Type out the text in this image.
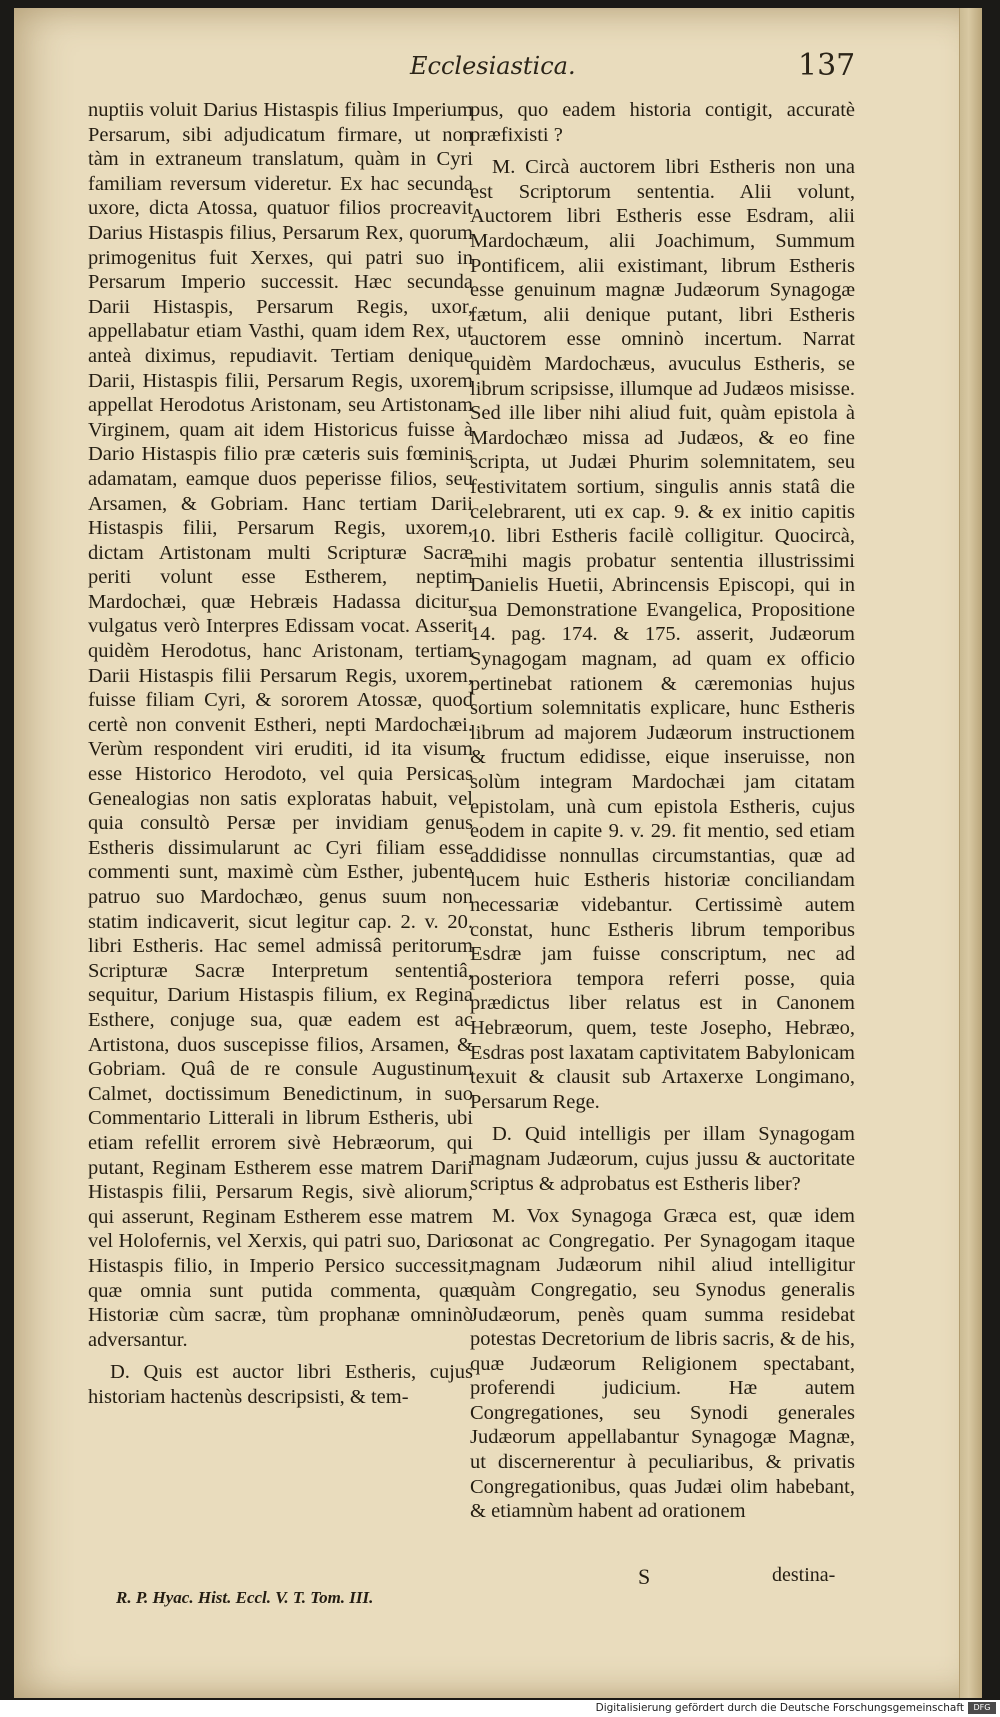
Ecclesiastica.	137

nuptiis voluit Darius Histaspis filius Imperium Persarum, sibi adjudicatum firmare, ut non tàm in extraneum translatum, quàm in Cyri familiam reversum videretur. Ex hac secunda uxore, dicta Atossa, quatuor filios procreavit Darius Histaspis filius, Persarum Rex, quorum primogenitus fuit Xerxes, qui patri suo in Persarum Imperio successit. Hæc secunda Darii Histaspis, Persarum Regis, uxor, appellabatur etiam Vasthi, quam idem Rex, ut anteà diximus, repudiavit. Tertiam denique Darii, Histaspis filii, Persarum Regis, uxorem appellat Herodotus Aristonam, seu Artistonam Virginem, quam ait idem Historicus fuisse à Dario Histaspis filio præ cæteris suis fœminis adamatam, eamque duos peperisse filios, seu Arsamen, & Gobriam. Hanc tertiam Darii Histaspis filii, Persarum Regis, uxorem, dictam Artistonam multi Scripturæ Sacræ periti volunt esse Estherem, neptim Mardochæi, quæ Hebræis Hadassa dicitur, vulgatus verò Interpres Edissam vocat. Asserit quidèm Herodotus, hanc Aristonam, tertiam Darii Histaspis filii Persarum Regis, uxorem, fuisse filiam Cyri, & sororem Atossæ, quod certè non convenit Estheri, nepti Mardochæi. Verùm respondent viri eruditi, id ita visum esse Historico Herodoto, vel quia Persicas Genealogias non satis exploratas habuit, vel quia consultò Persæ per invidiam genus Estheris dissimularunt ac Cyri filiam esse commenti sunt, maximè cùm Esther, jubente patruo suo Mardochæo, genus suum non statim indicaverit, sicut legitur cap. 2. v. 20. libri Estheris. Hac semel admissâ peritorum Scripturæ Sacræ Interpretum sententiâ, sequitur, Darium Histaspis filium, ex Regina Esthere, conjuge sua, quæ eadem est ac Artistona, duos suscepisse filios, Arsamen, & Gobriam. Quâ de re consule Augustinum Calmet, doctissimum Benedictinum, in suo Commentario Litterali in librum Estheris, ubi etiam refellit errorem sivè Hebræorum, qui putant, Reginam Estherem esse matrem Darii Histaspis filii, Persarum Regis, sivè aliorum, qui asserunt, Reginam Estherem esse matrem vel Holofernis, vel Xerxis, qui patri suo, Dario Histaspis filio, in Imperio Persico successit, quæ omnia sunt putida commenta, quæ Historiæ cùm sacræ, tùm prophanæ omninò adversantur.

D. Quis est auctor libri Estheris, cujus historiam hactenùs descripsisti, & tem-

pus, quo eadem historia contigit, accuratè præfixisti ?

M. Circà auctorem libri Estheris non una est Scriptorum sententia. Alii volunt, Auctorem libri Estheris esse Esdram, alii Mardochæum, alii Joachimum, Summum Pontificem, alii existimant, librum Estheris esse genuinum magnæ Judæorum Synagogæ fætum, alii denique putant, libri Estheris auctorem esse omninò incertum. Narrat quidèm Mardochæus, avuculus Estheris, se librum scripsisse, illumque ad Judæos misisse. Sed ille liber nihi aliud fuit, quàm epistola à Mardochæo missa ad Judæos, & eo fine scripta, ut Judæi Phurim solemnitatem, seu festivitatem sortium, singulis annis statâ die celebrarent, uti ex cap. 9. & ex initio capitis 10. libri Estheris facilè colligitur. Quocircà, mihi magis probatur sententia illustrissimi Danielis Huetii, Abrincensis Episcopi, qui in sua Demonstratione Evangelica, Propositione 14. pag. 174. & 175. asserit, Judæorum Synagogam magnam, ad quam ex officio pertinebat rationem & cæremonias hujus sortium solemnitatis explicare, hunc Estheris librum ad majorem Judæorum instructionem & fructum edidisse, eique inseruisse, non solùm integram Mardochæi jam citatam epistolam, unà cum epistola Estheris, cujus eodem in capite 9. v. 29. fit mentio, sed etiam addidisse nonnullas circumstantias, quæ ad lucem huic Estheris historiæ conciliandam necessariæ videbantur. Certissimè autem constat, hunc Estheris librum temporibus Esdræ jam fuisse conscriptum, nec ad posteriora tempora referri posse, quia prædictus liber relatus est in Canonem Hebræorum, quem, teste Josepho, Hebræo, Esdras post laxatam captivitatem Babylonicam texuit & clausit sub Artaxerxe Longimano, Persarum Rege.

D. Quid intelligis per illam Synagogam magnam Judæorum, cujus jussu & auctoritate scriptus & adprobatus est Estheris liber?

M. Vox Synagoga Græca est, quæ idem sonat ac Congregatio. Per Synagogam itaque magnam Judæorum nihil aliud intelligitur quàm Congregatio, seu Synodus generalis Judæorum, penès quam summa residebat potestas Decretorium de libris sacris, & de his, quæ Judæorum Religionem spectabant, proferendi judicium. Hæ autem Congregationes, seu Synodi generales Judæorum appellabantur Synagogæ Magnæ, ut discernerentur à peculiaribus, & privatis Congregationibus, quas Judæi olim habebant, & etiamnùm habent ad orationem

R. P. Hyac. Hist. Eccl. V. T. Tom. III.
S	destina-
Digitalisierung gefördert durch die Deutsche Forschungsgemeinschaft	DFG
